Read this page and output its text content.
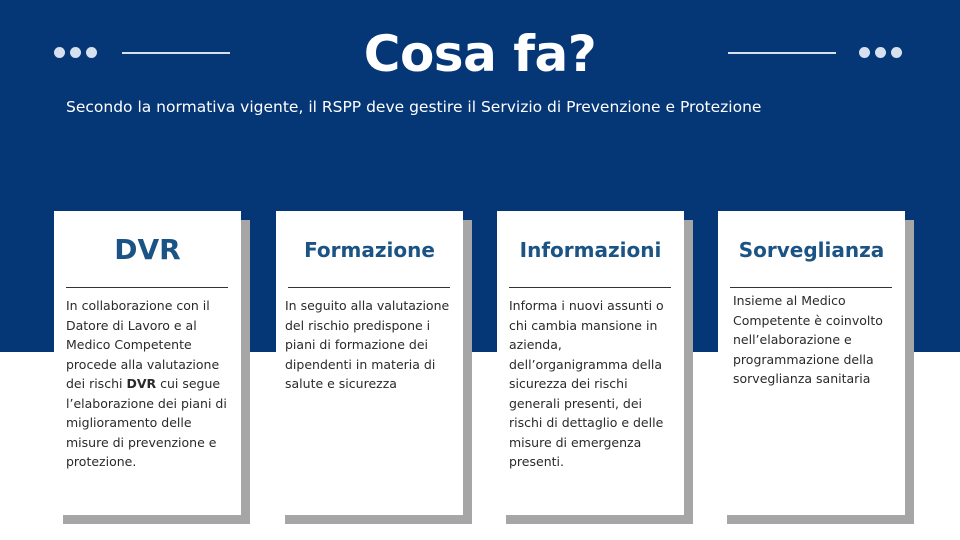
Cosa fa?
Secondo la normativa vigente, il RSPP deve gestire il Servizio di Prevenzione e Protezione
DVR
In collaborazione con il Datore di Lavoro e al Medico Competente procede alla valutazione dei rischi DVR cui segue l’elaborazione dei piani di miglioramento delle misure di prevenzione e protezione.
Formazione
In seguito alla valutazione del rischio predispone i piani di formazione dei dipendenti in materia di salute e sicurezza
Informazioni
Informa i nuovi assunti o chi cambia mansione in azienda, dell’organigramma della sicurezza dei rischi generali presenti, dei rischi di dettaglio e delle misure di emergenza presenti.
Sorveglianza
Insieme al Medico Competente è coinvolto nell’elaborazione e programmazione della sorveglianza sanitaria
